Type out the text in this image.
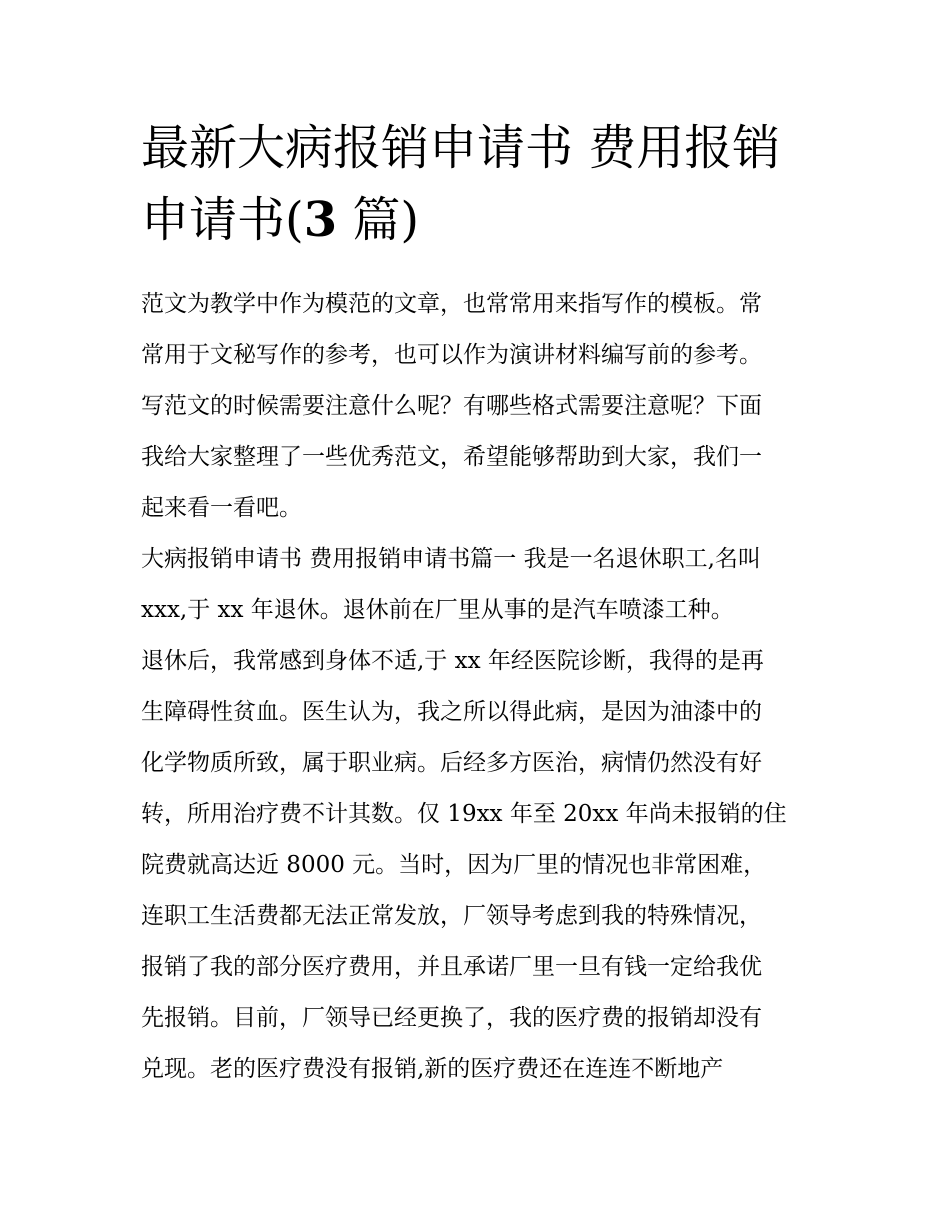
最新大病报销申请书 费用报销申请书(3 篇)
范文为教学中作为模范的文章，也常常用来指写作的模板。常
常用于文秘写作的参考，也可以作为演讲材料编写前的参考。
写范文的时候需要注意什么呢？有哪些格式需要注意呢？下面
我给大家整理了一些优秀范文，希望能够帮助到大家，我们一
起来看一看吧。
大病报销申请书 费用报销申请书篇一 我是一名退休职工,名叫
xxx,于 xx 年退休。退休前在厂里从事的是汽车喷漆工种。
退休后，我常感到身体不适,于 xx 年经医院诊断，我得的是再
生障碍性贫血。医生认为，我之所以得此病，是因为油漆中的
化学物质所致，属于职业病。后经多方医治，病情仍然没有好
转，所用治疗费不计其数。仅 19xx 年至 20xx 年尚未报销的住
院费就高达近 8000 元。当时，因为厂里的情况也非常困难，
连职工生活费都无法正常发放，厂领导考虑到我的特殊情况，
报销了我的部分医疗费用，并且承诺厂里一旦有钱一定给我优
先报销。目前，厂领导已经更换了，我的医疗费的报销却没有
兑现。老的医疗费没有报销,新的医疗费还在连连不断地产
